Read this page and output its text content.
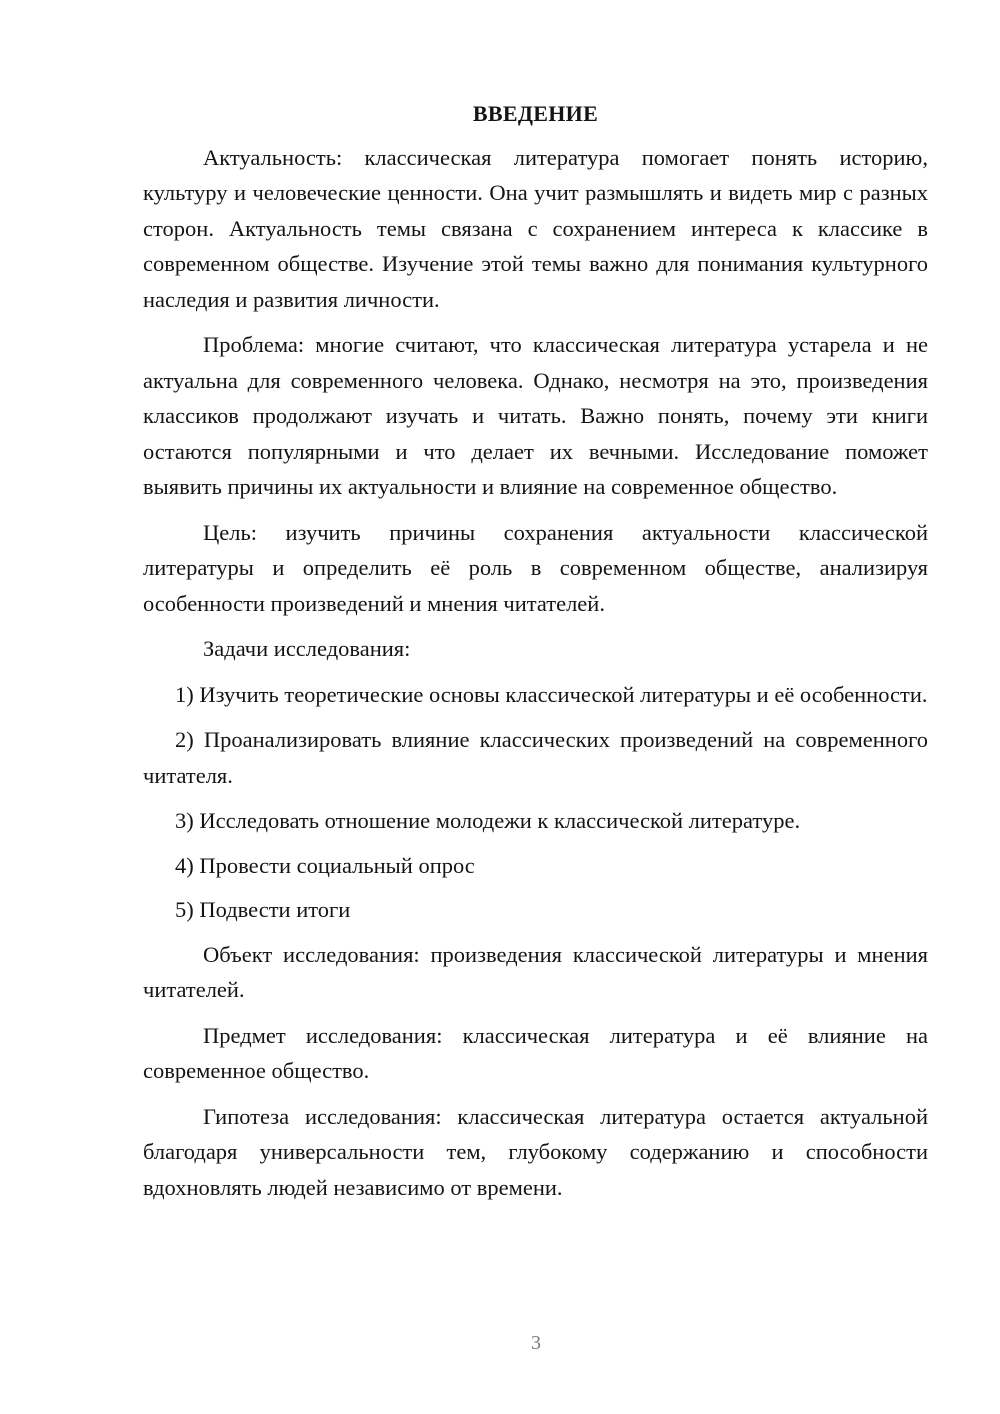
ВВЕДЕНИЕ

Актуальность: классическая литература помогает понять историю, культуру и человеческие ценности. Она учит размышлять и видеть мир с разных сторон. Актуальность темы связана с сохранением интереса к классике в современном обществе. Изучение этой темы важно для понимания культурного наследия и развития личности.

Проблема: многие считают, что классическая литература устарела и не актуальна для современного человека. Однако, несмотря на это, произведения классиков продолжают изучать и читать. Важно понять, почему эти книги остаются популярными и что делает их вечными. Исследование поможет выявить причины их актуальности и влияние на современное общество.

Цель: изучить причины сохранения актуальности классической литературы и определить её роль в современном обществе, анализируя особенности произведений и мнения читателей.

Задачи исследования:

1) Изучить теоретические основы классической литературы и её особенности.

2) Проанализировать влияние классических произведений на современного читателя.

3) Исследовать отношение молодежи к классической литературе.

4) Провести социальный опрос

5) Подвести итоги

Объект исследования: произведения классической литературы и мнения читателей.

Предмет исследования: классическая литература и её влияние на современное общество.

Гипотеза исследования: классическая литература остается актуальной благодаря универсальности тем, глубокому содержанию и способности вдохновлять людей независимо от времени.

3
